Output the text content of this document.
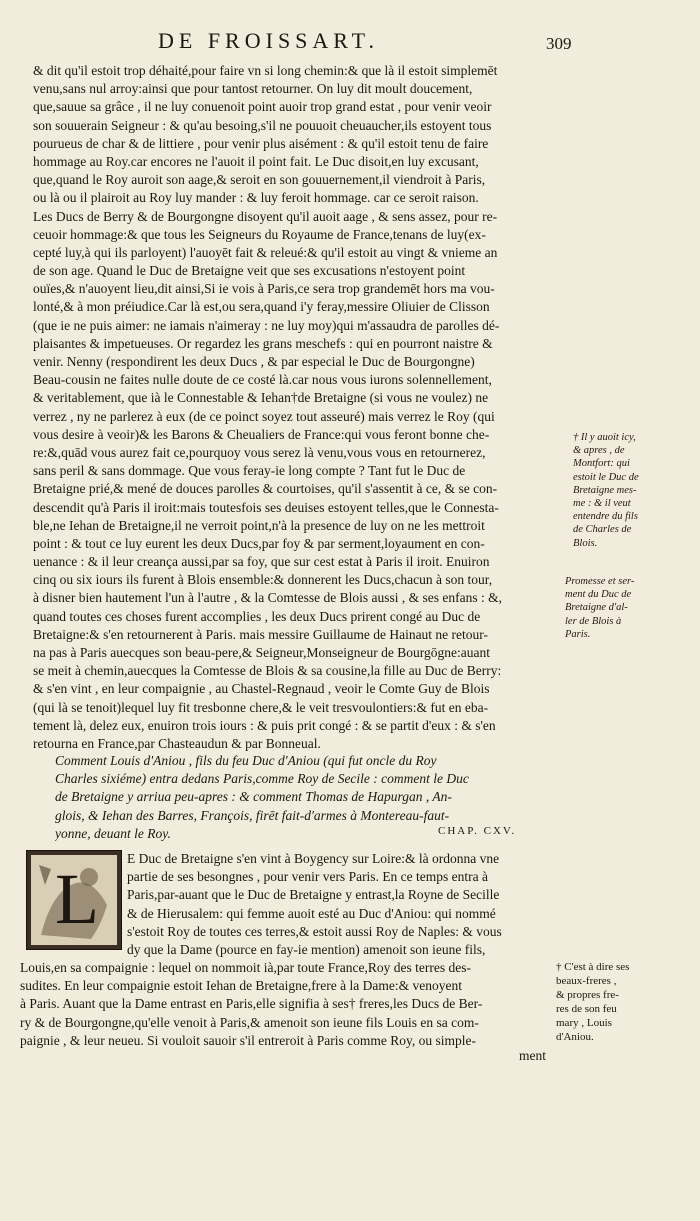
DE FROISSART.	309
& dit qu'il estoit trop déhaité,pour faire vn si long chemin:& que là il estoit simplemēt
venu,sans nul arroy:ainsi que pour tantost retourner. On luy dit moult doucement,
que,sauue sa grâce , il ne luy conuenoit point auoir trop grand estat , pour venir veoir
son souuerain Seigneur : & qu'au besoing,s'il ne pouuoit cheuaucher,ils estoyent tous
pourueus de char & de littiere , pour venir plus aisément : & qu'il estoit tenu de faire
hommage au Roy.car encores ne l'auoit il point fait. Le Duc disoit,en luy excusant,
que,quand le Roy auroit son aage,& seroit en son gouuernement,il viendroit à Paris,
ou là ou il plairoit au Roy luy mander : & luy feroit hommage. car ce seroit raison.
Les Ducs de Berry & de Bourgongne disoyent qu'il auoit aage , & sens assez, pour re-
ceuoir hommage:& que tous les Seigneurs du Royaume de France,tenans de luy(ex-
cepté luy,à qui ils parloyent) l'auoyēt fait & releué:& qu'il estoit au vingt & vnieme an
de son age. Quand le Duc de Bretaigne veit que ses excusations n'estoyent point
ouïes,& n'auoyent lieu,dit ainsi,Si ie vois à Paris,ce sera trop grandemēt hors ma vou-
lonté,& à mon préiudice.Car là est,ou sera,quand i'y feray,messire Oliuier de Clisson
(que ie ne puis aimer: ne iamais n'aimeray : ne luy moy)qui m'assaudra de parolles dé-
plaisantes & impetueuses. Or regardez les grans meschefs : qui en pourront naistre &
venir. Nenny (respondirent les deux Ducs , & par especial le Duc de Bourgongne)
Beau-cousin ne faites nulle doute de ce costé là.car nous vous iurons solennellement,
& veritablement, que ià le Connestable & Iehan†de Bretaigne (si vous ne voulez) ne
verrez , ny ne parlerez à eux (de ce poinct soyez tout asseuré) mais verrez le Roy (qui
vous desire à veoir)& les Barons & Cheualiers de France:qui vous feront bonne che-
re:&,quād vous aurez fait ce,pourquoy vous serez là venu,vous vous en retournerez,
sans peril & sans dommage. Que vous feray-ie long compte ? Tant fut le Duc de
Bretaigne prié,& mené de douces parolles & courtoises, qu'il s'assentit à ce, & se con-
descendit qu'à Paris il iroit:mais toutesfois ses deuises estoyent telles,que le Connesta-
ble,ne Iehan de Bretaigne,il ne verroit point,n'à la presence de luy on ne les mettroit
point : & tout ce luy eurent les deux Ducs,par foy & par serment,loyaument en con-
uenance : & il leur creança aussi,par sa foy, que sur cest estat à Paris il iroit. Enuiron
cinq ou six iours ils furent à Blois ensemble:& donnerent les Ducs,chacun à son tour,
à disner bien hautement l'un à l'autre , & la Comtesse de Blois aussi , & ses enfans : &,
quand toutes ces choses furent accomplies , les deux Ducs prirent congé au Duc de
Bretaigne:& s'en retournerent à Paris. mais messire Guillaume de Hainaut ne retour-
na pas à Paris auecques son beau-pere,& Seigneur,Monseigneur de Bourgōgne:auant
se meit à chemin,auecques la Comtesse de Blois & sa cousine,la fille au Duc de Berry:
& s'en vint , en leur compaignie , au Chastel-Regnaud , veoir le Comte Guy de Blois
(qui là se tenoit)lequel luy fit tresbonne chere,& le veit tresvoulontiers:& fut en eba-
tement là, delez eux, enuiron trois iours : & puis prit congé : & se partit d'eux : & s'en
retourna en France,par Chasteaudun & par Bonneual.
† Il y auoit icy,
& apres , de
Montfort: qui
estoit le Duc de
Bretaigne mes-
me : & il veut
entendre du fils
de Charles de
Blois.
Promesse et ser-
ment du Duc de
Bretaigne d'al-
ler de Blois à
Paris.
Comment Louis d'Aniou , fils du feu Duc d'Aniou (qui fut oncle du Roy
Charles sixiéme) entra dedans Paris,comme Roy de Secile : comment le Duc
de Bretaigne y arriua peu-apres : & comment Thomas de Hapurgan , An-
glois, & Iehan des Barres, François, firēt fait-d'armes à Montereau-faut-
yonne, deuant le Roy.	CHAP. CXV.
L
E Duc de Bretaigne s'en vint à Boygency sur Loire:& là ordonna vne
partie de ses besongnes , pour venir vers Paris. En ce temps entra à
Paris,par-auant que le Duc de Bretaigne y entrast,la Royne de Secille
& de Hierusalem: qui femme auoit esté au Duc d'Aniou: qui nommé
s'estoit Roy de toutes ces terres,& estoit aussi Roy de Naples: & vous
dy que la Dame (pource en fay-ie mention) amenoit son ieune fils,
Louis,en sa compaignie : lequel on nommoit ià,par toute France,Roy des terres des-
sudites. En leur compaignie estoit Iehan de Bretaigne,frere à la Dame:& venoyent
à Paris. Auant que la Dame entrast en Paris,elle signifia à ses† freres,les Ducs de Ber-
ry & de Bourgongne,qu'elle venoit à Paris,& amenoit son ieune fils Louis en sa com-
paignie , & leur neueu. Si vouloit sauoir s'il entreroit à Paris comme Roy, ou simple-
† C'est à dire ses
beaux-freres ,
& propres fre-
res de son feu
mary , Louis
d'Aniou.
ment
